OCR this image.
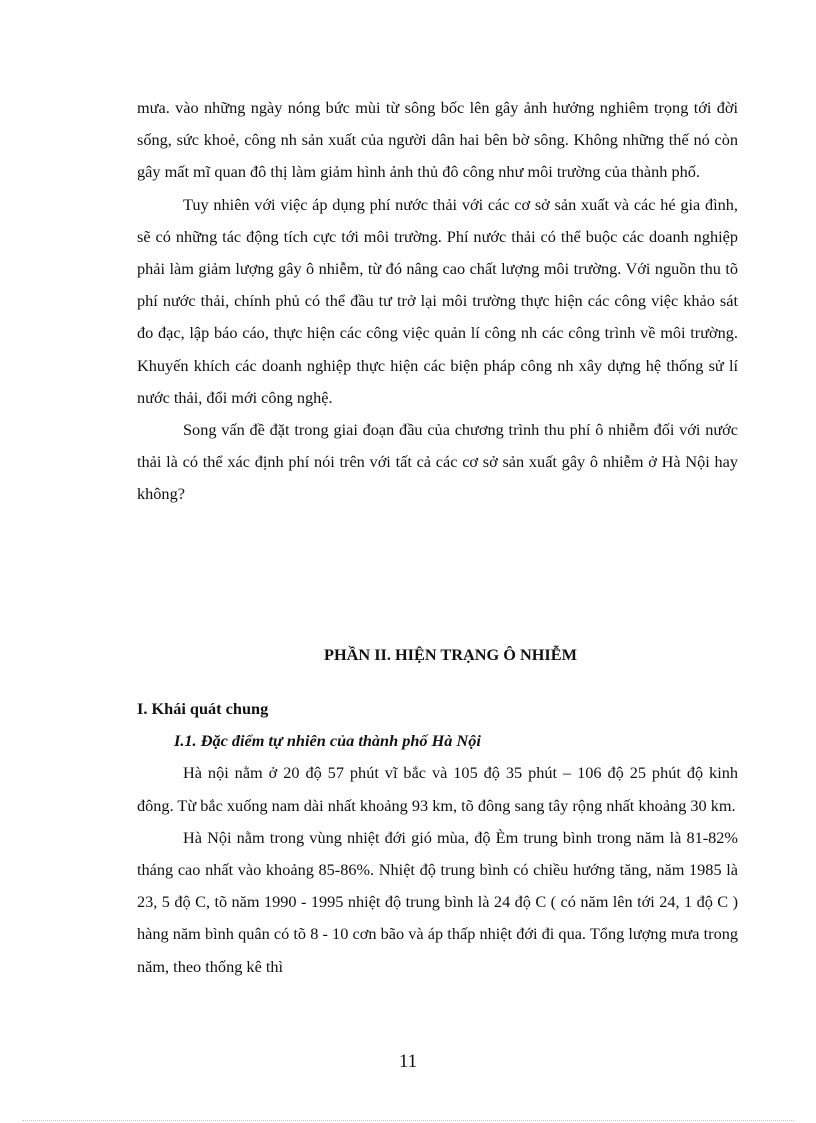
mưa. vào những ngày nóng bức mùi từ sông bốc lên gây ảnh hưởng nghiêm trọng tới đời sống, sức khoẻ, công nh sản xuất của người dân hai bên bờ sông. Không những thế nó còn gây mất mĩ quan đô thị làm giảm hình ảnh thủ đô công như môi trường của thành phố.

Tuy nhiên với việc áp dụng phí nước thải với các cơ sở sản xuất và các hé gia đình, sẽ có những tác động tích cực tới môi trường. Phí nước thải có thể buộc các doanh nghiệp phải làm giảm lượng gây ô nhiễm, từ đó nâng cao chất lượng môi trường. Với nguồn thu tõ phí nước thải, chính phủ có thể đầu tư trở lại môi trường thực hiện các công việc khảo sát đo đạc, lập báo cáo, thực hiện các công việc quản lí công nh các công trình về môi trường. Khuyến khích các doanh nghiệp thực hiện các biện pháp công nh xây dựng hệ thống sử lí nước thải, đổi mới công nghệ.

Song vấn đề đặt trong giai đoạn đầu của chương trình thu phí ô nhiễm đối với nước thải là có thể xác định phí nói trên với tất cả các cơ sở sản xuất gây ô nhiễm ở Hà Nội hay không?

PHẦN II. HIỆN TRẠNG Ô NHIỄM

I. Khái quát chung

I.1. Đặc điểm tự nhiên của thành phố Hà Nội

Hà nội nằm ở 20 độ 57 phút vĩ bắc và 105 độ 35 phút – 106 độ 25 phút độ kinh đông. Từ bắc xuống nam dài nhất khoảng 93 km, tõ đông sang tây rộng nhất khoảng 30 km.

Hà Nội nằm trong vùng nhiệt đới gió mùa, độ Èm trung bình trong năm là 81-82% tháng cao nhất vào khoảng 85-86%. Nhiệt độ trung bình có chiều hướng tăng, năm 1985 là 23, 5 độ C, tõ năm 1990 - 1995 nhiệt độ trung bình là 24 độ C ( có năm lên tới 24, 1 độ C ) hàng năm bình quân có tõ 8 - 10 cơn bão và áp thấp nhiệt đới đi qua. Tổng lượng mưa trong năm, theo thống kê thì

11
